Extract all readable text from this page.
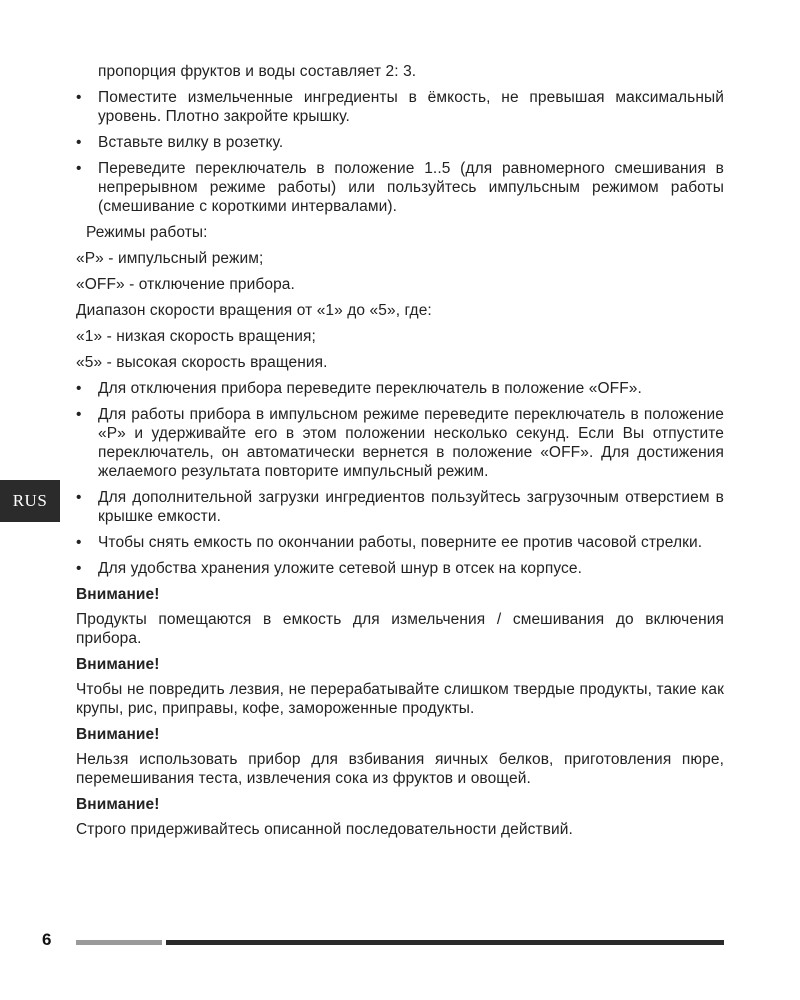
RUS

пропорция фруктов и воды составляет 2: 3.

• Поместите измельченные ингредиенты в ёмкость, не превышая максимальный уровень. Плотно закройте крышку.
• Вставьте вилку в розетку.
• Переведите переключатель в положение 1..5 (для равномерного смешивания в непрерывном режиме работы) или пользуйтесь импульсным режимом работы (смешивание с короткими интервалами).

Режимы работы:

«P» - импульсный режим;

«OFF» - отключение прибора.

Диапазон скорости вращения от «1» до «5», где:

«1» - низкая скорость вращения;

«5» - высокая скорость вращения.

• Для отключения прибора переведите переключатель в положение «OFF».
• Для работы прибора в импульсном режиме переведите переключатель в положение «P» и удерживайте его в этом положении несколько секунд. Если Вы отпустите переключатель, он автоматически вернется в положение «OFF». Для достижения желаемого результата повторите импульсный режим.
• Для дополнительной загрузки ингредиентов пользуйтесь загрузочным отверстием в крышке емкости.
• Чтобы снять емкость по окончании работы, поверните ее против часовой стрелки.
• Для удобства хранения уложите сетевой шнур в отсек на корпусе.

Внимание!

Продукты помещаются в емкость для измельчения / смешивания до включения прибора.

Внимание!

Чтобы не повредить лезвия, не перерабатывайте слишком твердые продукты, такие как крупы, рис, приправы, кофе, замороженные продукты.

Внимание!

Нельзя использовать прибор для взбивания яичных белков, приготовления пюре, перемешивания теста, извлечения сока из фруктов и овощей.

Внимание!

Строго придерживайтесь описанной последовательности действий.

6
